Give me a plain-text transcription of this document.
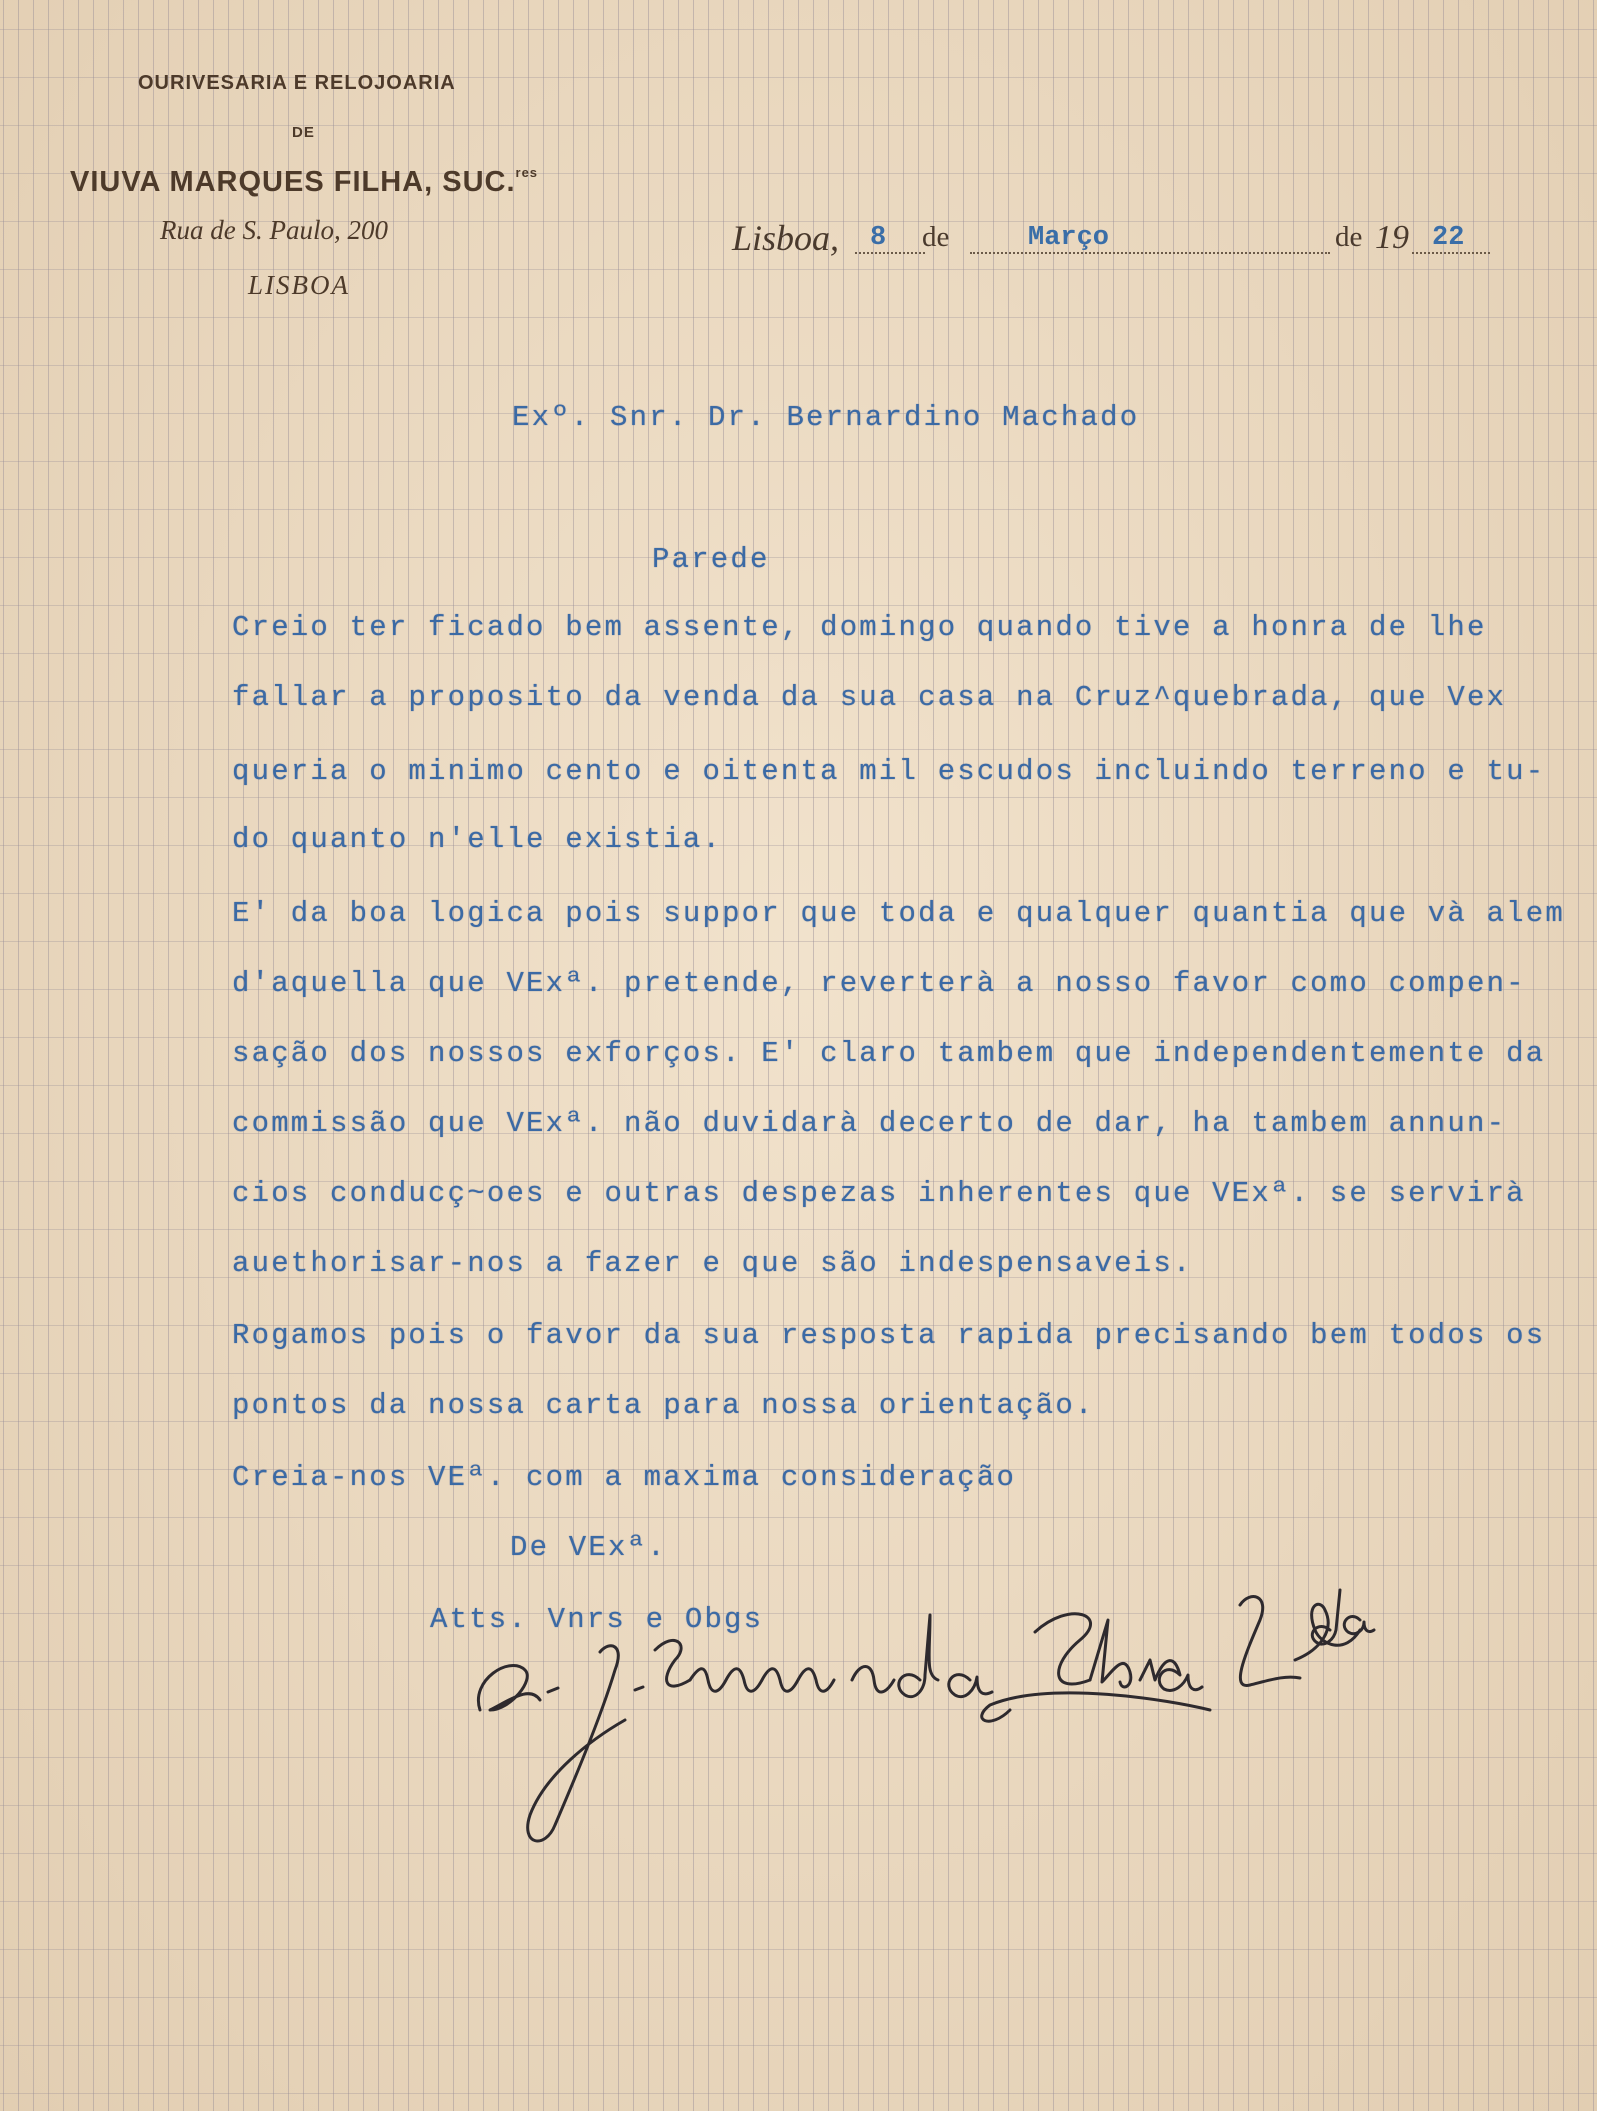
OURIVESARIA E RELOJOARIA
DE
VIUVA MARQUES FILHA, SUC.$^{res}$
Rua de S. Paulo, 200
LISBOA
Lisboa, 8 de	Março	de 19 22
Exº. Snr. Dr. Bernardino Machado
Parede
Creio ter ficado bem assente, domingo quando tive a honra de lhe
fallar a proposito da venda da sua casa na Cruz^quebrada, que Vex
queria o minimo cento e oitenta mil escudos incluindo terreno e tu-
do quanto n'elle existia.
E' da boa logica pois suppor que toda e qualquer quantia que và alem
d'aquella que VExª. pretende, reverterà a nosso favor como compen-
sação dos nossos exforços. E' claro tambem que independentemente da
commissão que VExª. não duvidarà decerto de dar, ha tambem annun-
cios conducç~oes e outras despezas inherentes que VExª. se servirà
auethorisar-nos a fazer e que são indespensaveis.
Rogamos pois o favor da sua resposta rapida precisando bem todos os
pontos da nossa carta para nossa orientação.
Creia-nos VEª. com a maxima consideração
De VExª.
Atts. Vnrs e Obgs
